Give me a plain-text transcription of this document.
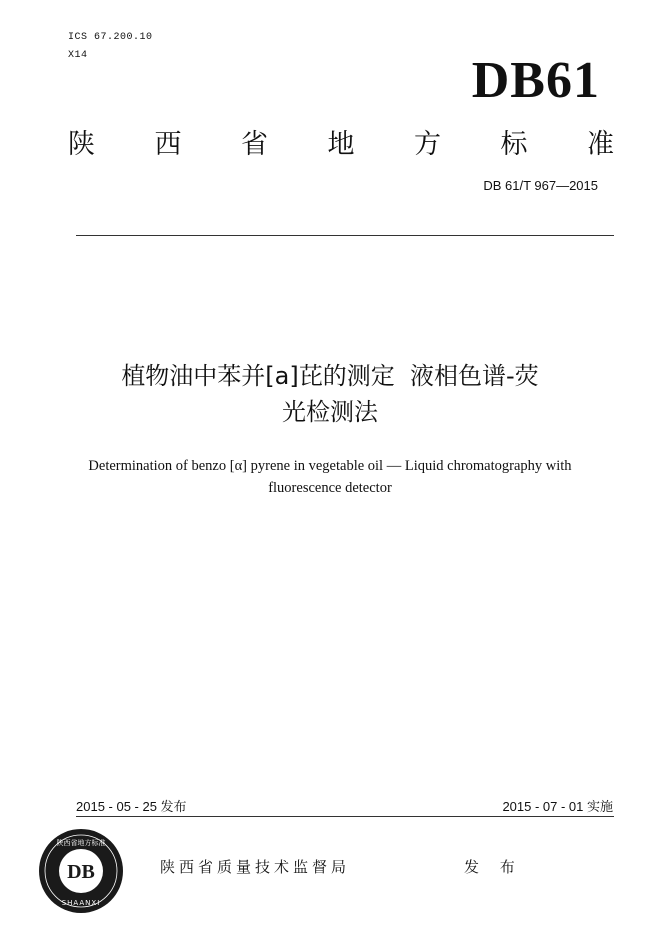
ICS 67.200.10
X14	DB61
陕 西 省 地 方 标 准
DB 61/T 967—2015
植物油中苯并[a]芘的测定  液相色谱-荧
光检测法
Determination of benzo [α] pyrene in vegetable oil — Liquid chromatography with
fluorescence detector
2015 - 05 - 25 发布	2015 - 07 - 01 实施
DB
陕西省地方标准
SHAANXI
陕西省质量技术监督局	发 布
